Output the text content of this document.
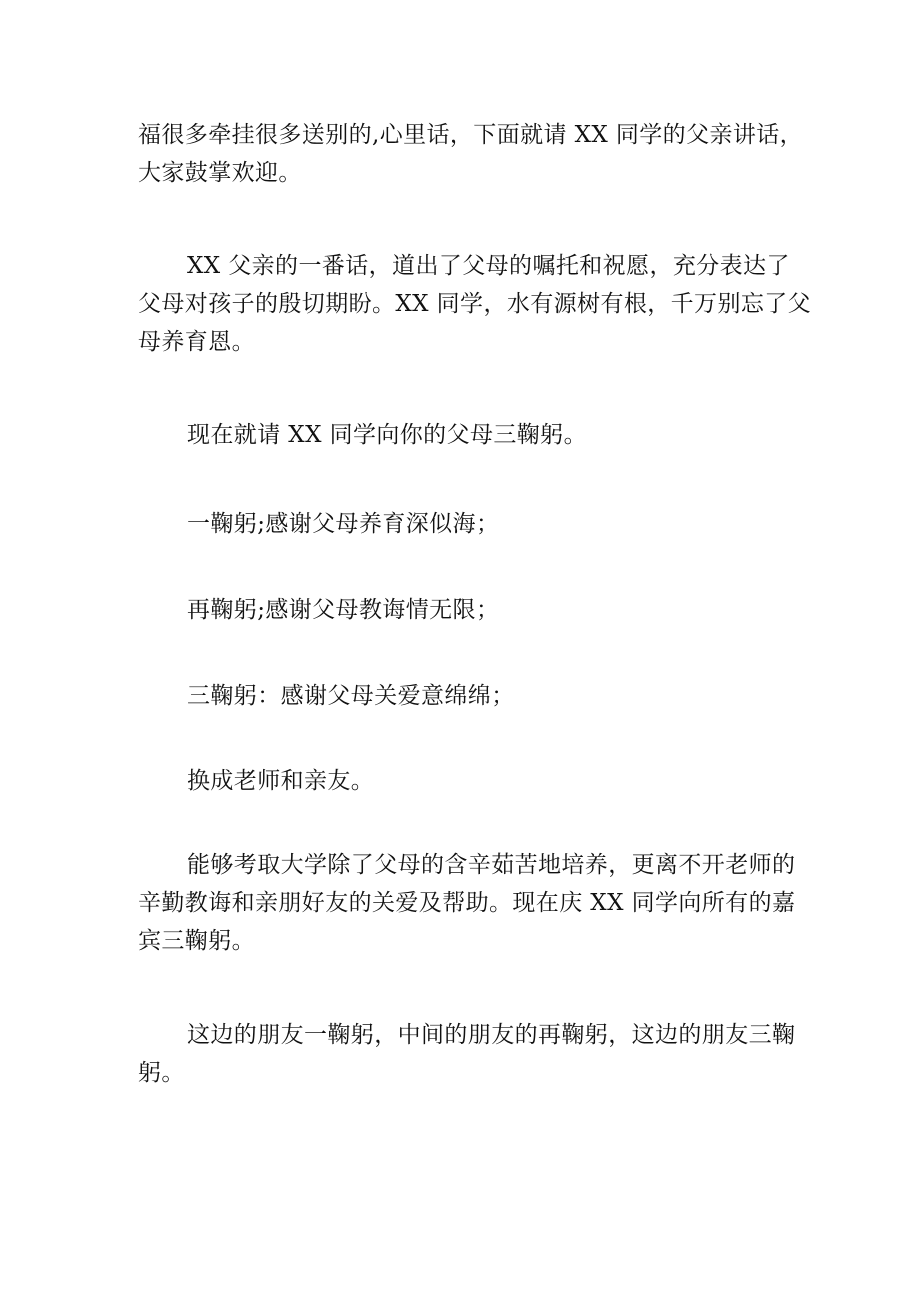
福很多牵挂很多送别的,心里话，下面就请 XX 同学的父亲讲话，
大家鼓掌欢迎。

XX 父亲的一番话，道出了父母的嘱托和祝愿，充分表达了
父母对孩子的殷切期盼。XX 同学，水有源树有根，千万别忘了父
母养育恩。

现在就请 XX 同学向你的父母三鞠躬。

一鞠躬;感谢父母养育深似海；

再鞠躬;感谢父母教诲情无限；

三鞠躬：感谢父母关爱意绵绵；

换成老师和亲友。

能够考取大学除了父母的含辛茹苦地培养，更离不开老师的
辛勤教诲和亲朋好友的关爱及帮助。现在庆 XX 同学向所有的嘉
宾三鞠躬。

这边的朋友一鞠躬，中间的朋友的再鞠躬，这边的朋友三鞠
躬。
